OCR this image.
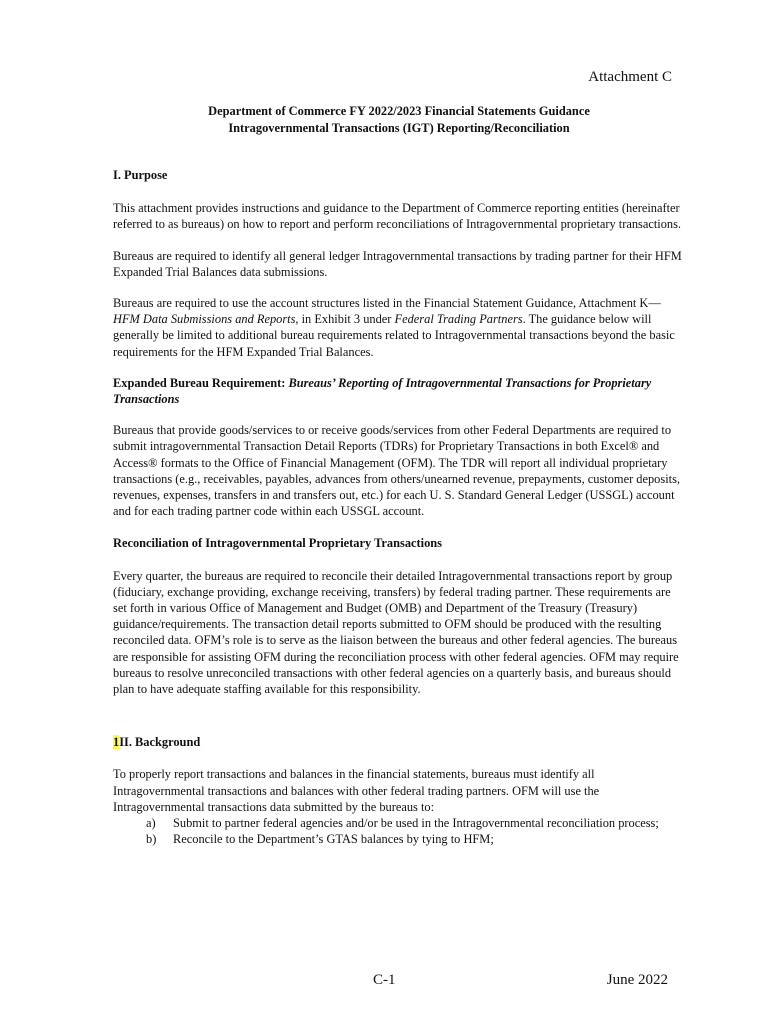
Attachment C
Department of Commerce FY 2022/2023 Financial Statements Guidance
Intragovernmental Transactions (IGT) Reporting/Reconciliation

I. Purpose

This attachment provides instructions and guidance to the Department of Commerce reporting entities (hereinafter referred to as bureaus) on how to report and perform reconciliations of Intragovernmental proprietary transactions.

Bureaus are required to identify all general ledger Intragovernmental transactions by trading partner for their HFM Expanded Trial Balances data submissions.

Bureaus are required to use the account structures listed in the Financial Statement Guidance, Attachment K—HFM Data Submissions and Reports, in Exhibit 3 under Federal Trading Partners. The guidance below will generally be limited to additional bureau requirements related to Intragovernmental transactions beyond the basic requirements for the HFM Expanded Trial Balances.

Expanded Bureau Requirement: Bureaus’ Reporting of Intragovernmental Transactions for Proprietary Transactions

Bureaus that provide goods/services to or receive goods/services from other Federal Departments are required to submit intragovernmental Transaction Detail Reports (TDRs) for Proprietary Transactions in both Excel® and Access® formats to the Office of Financial Management (OFM). The TDR will report all individual proprietary transactions (e.g., receivables, payables, advances from others/unearned revenue, prepayments, customer deposits, revenues, expenses, transfers in and transfers out, etc.) for each U. S. Standard General Ledger (USSGL) account and for each trading partner code within each USSGL account.

Reconciliation of Intragovernmental Proprietary Transactions

Every quarter, the bureaus are required to reconcile their detailed Intragovernmental transactions report by group (fiduciary, exchange providing, exchange receiving, transfers) by federal trading partner. These requirements are set forth in various Office of Management and Budget (OMB) and Department of the Treasury (Treasury) guidance/requirements. The transaction detail reports submitted to OFM should be produced with the resulting reconciled data. OFM’s role is to serve as the liaison between the bureaus and other federal agencies. The bureaus are responsible for assisting OFM during the reconciliation process with other federal agencies. OFM may require bureaus to resolve unreconciled transactions with other federal agencies on a quarterly basis, and bureaus should plan to have adequate staffing available for this responsibility.

1II. Background

To properly report transactions and balances in the financial statements, bureaus must identify all Intragovernmental transactions and balances with other federal trading partners. OFM will use the Intragovernmental transactions data submitted by the bureaus to:

a)	Submit to partner federal agencies and/or be used in the Intragovernmental reconciliation process;
b)	Reconcile to the Department’s GTAS balances by tying to HFM;
C-1	June 2022
